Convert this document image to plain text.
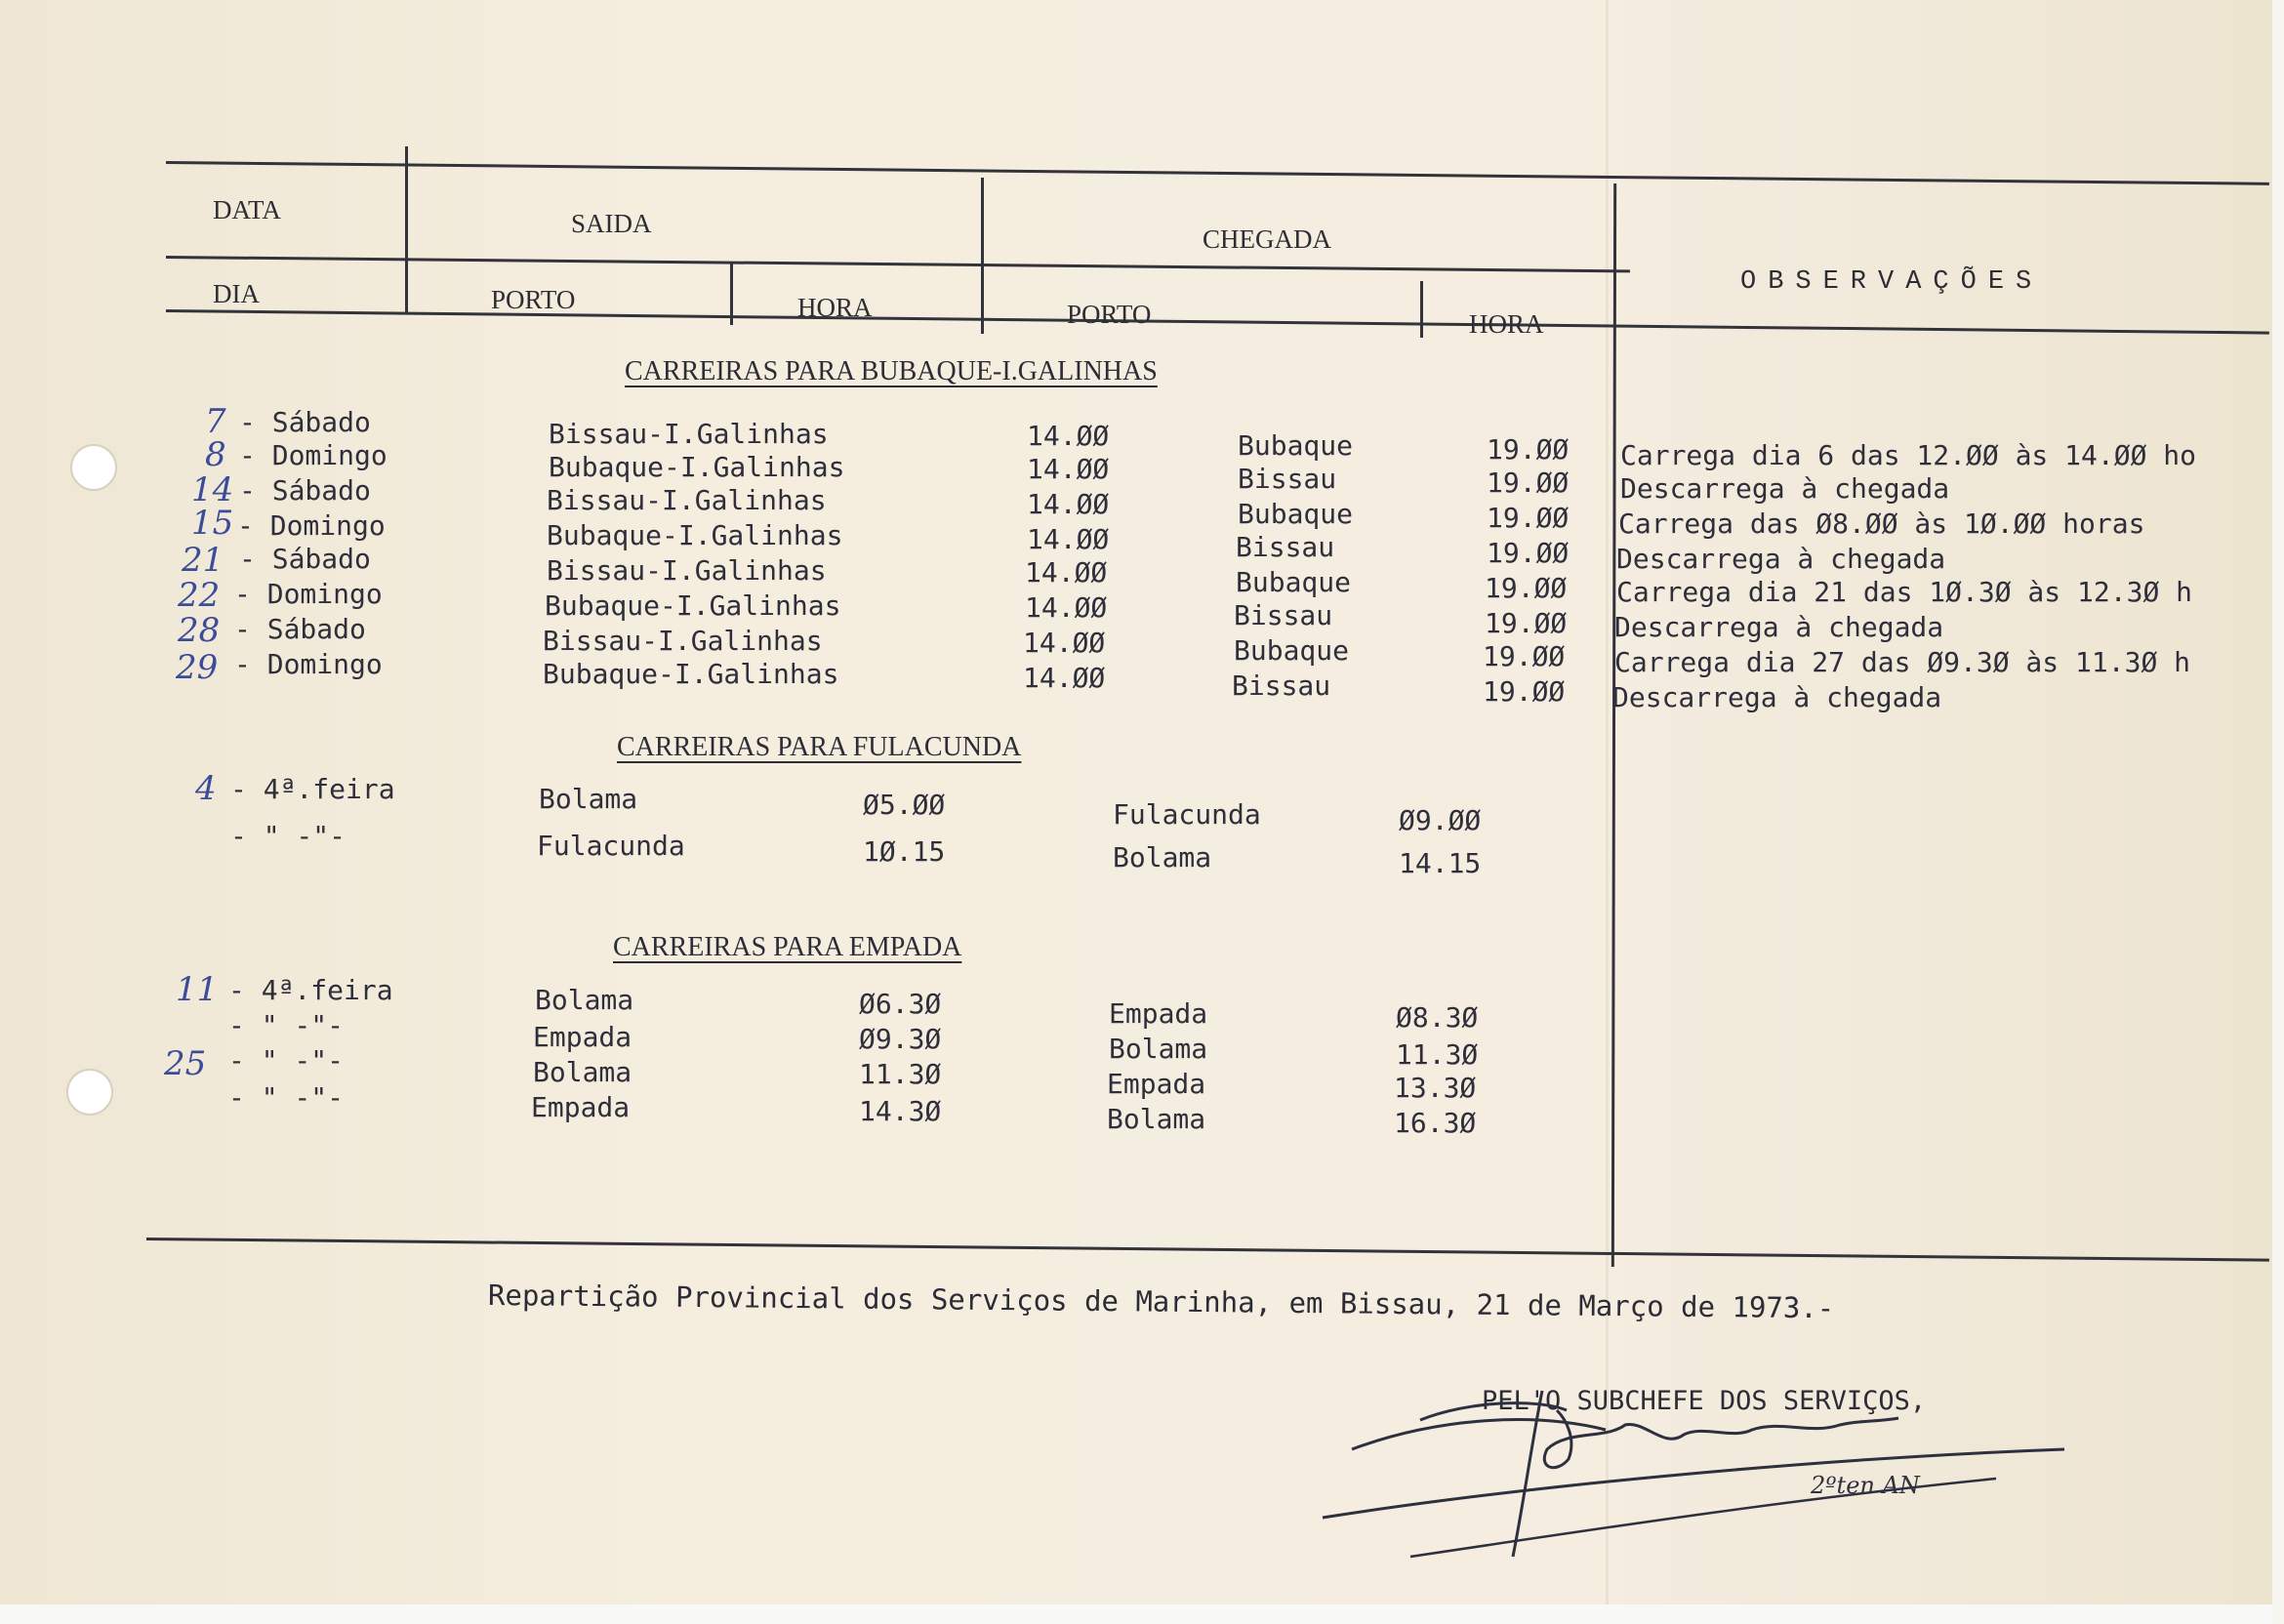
DATA
DIA
SAIDA
CHEGADA
PORTO	HORA	PORTO	HORA
OBSERVAÇÕES
CARREIRAS PARA BUBAQUE-I.GALINHAS
CARREIRAS PARA FULACUNDA
CARREIRAS PARA EMPADA
7 - Sábado	Bissau-I.Galinhas	14.ØØ	Bubaque	19.ØØ Carrega dia 6 das 12.ØØ às 14.ØØ ho
8 - Domingo	Bubaque-I.Galinhas	14.ØØ	Bissau	19.ØØ Descarrega à chegada
14 - Sábado	Bissau-I.Galinhas	14.ØØ	Bubaque	19.ØØ Carrega das Ø8.ØØ às 1Ø.ØØ horas
15 - Domingo	Bubaque-I.Galinhas	14.ØØ	Bissau	19.ØØ Descarrega à chegada
21 - Sábado	Bissau-I.Galinhas	14.ØØ	Bubaque	19.ØØ Carrega dia 21 das 1Ø.3Ø às 12.3Ø h
22 - Domingo	Bubaque-I.Galinhas	14.ØØ	Bissau	19.ØØ Descarrega à chegada
28 - Sábado	Bissau-I.Galinhas	14.ØØ	Bubaque	19.ØØ Carrega dia 27 das Ø9.3Ø às 11.3Ø h
29 - Domingo	Bubaque-I.Galinhas	14.ØØ	Bissau	19.ØØ Descarrega à chegada
4 - 4ª.feira	Bolama	Ø5.ØØ	Fulacunda	Ø9.ØØ
- " -"-	Fulacunda	1Ø.15	Bolama	14.15
11 - 4ª.feira	Bolama	Ø6.3Ø	Empada	Ø8.3Ø
- " -"-	Empada	Ø9.3Ø	Bolama	11.3Ø
25 - " -"-	Bolama	11.3Ø	Empada	13.3Ø
- " -"-	Empada	14.3Ø	Bolama	16.3Ø
Repartição Provincial dos Serviços de Marinha, em Bissau, 21 de Março de 1973.-
PEL'O SUBCHEFE DOS SERVIÇOS,
2ºten AN
